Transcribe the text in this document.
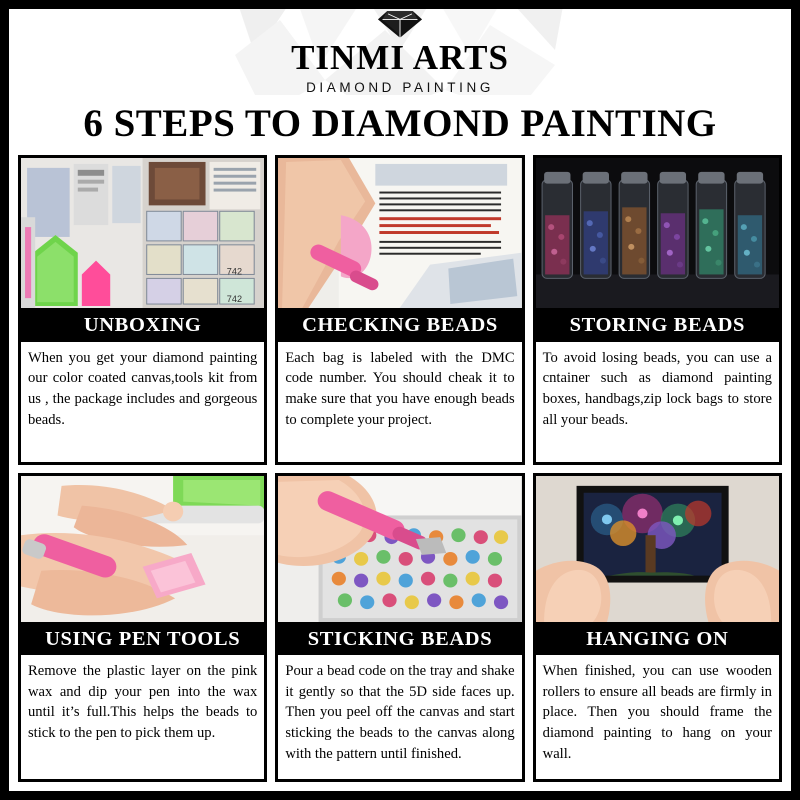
TINMI ARTS
DIAMOND PAINTING
6 STEPS TO DIAMOND PAINTING
742
742
UNBOXING
When you get your diamond painting our color coated canvas,tools kit from us , the package includes and gorgeous beads.
CHECKING BEADS
Each bag is labeled with the DMC code number. You should cheak it to make sure that you have enough beads to complete your project.
STORING BEADS
To avoid losing beads, you can use a cntainer such as diamond painting boxes, handbags,zip lock bags to store all your beads.
USING PEN TOOLS
Remove the plastic layer on the pink wax and dip your pen into the wax until it’s full.This helps the beads to stick to the pen to pick them up.
STICKING BEADS
Pour a bead code on the tray and shake it gently so that the 5D side faces up. Then you peel off the canvas and start sticking the beads to the canvas along with the pattern until finished.
HANGING ON
When finished, you can use wooden rollers to ensure all beads are firmly in place. Then you should frame the diamond painting to hang on your wall.
